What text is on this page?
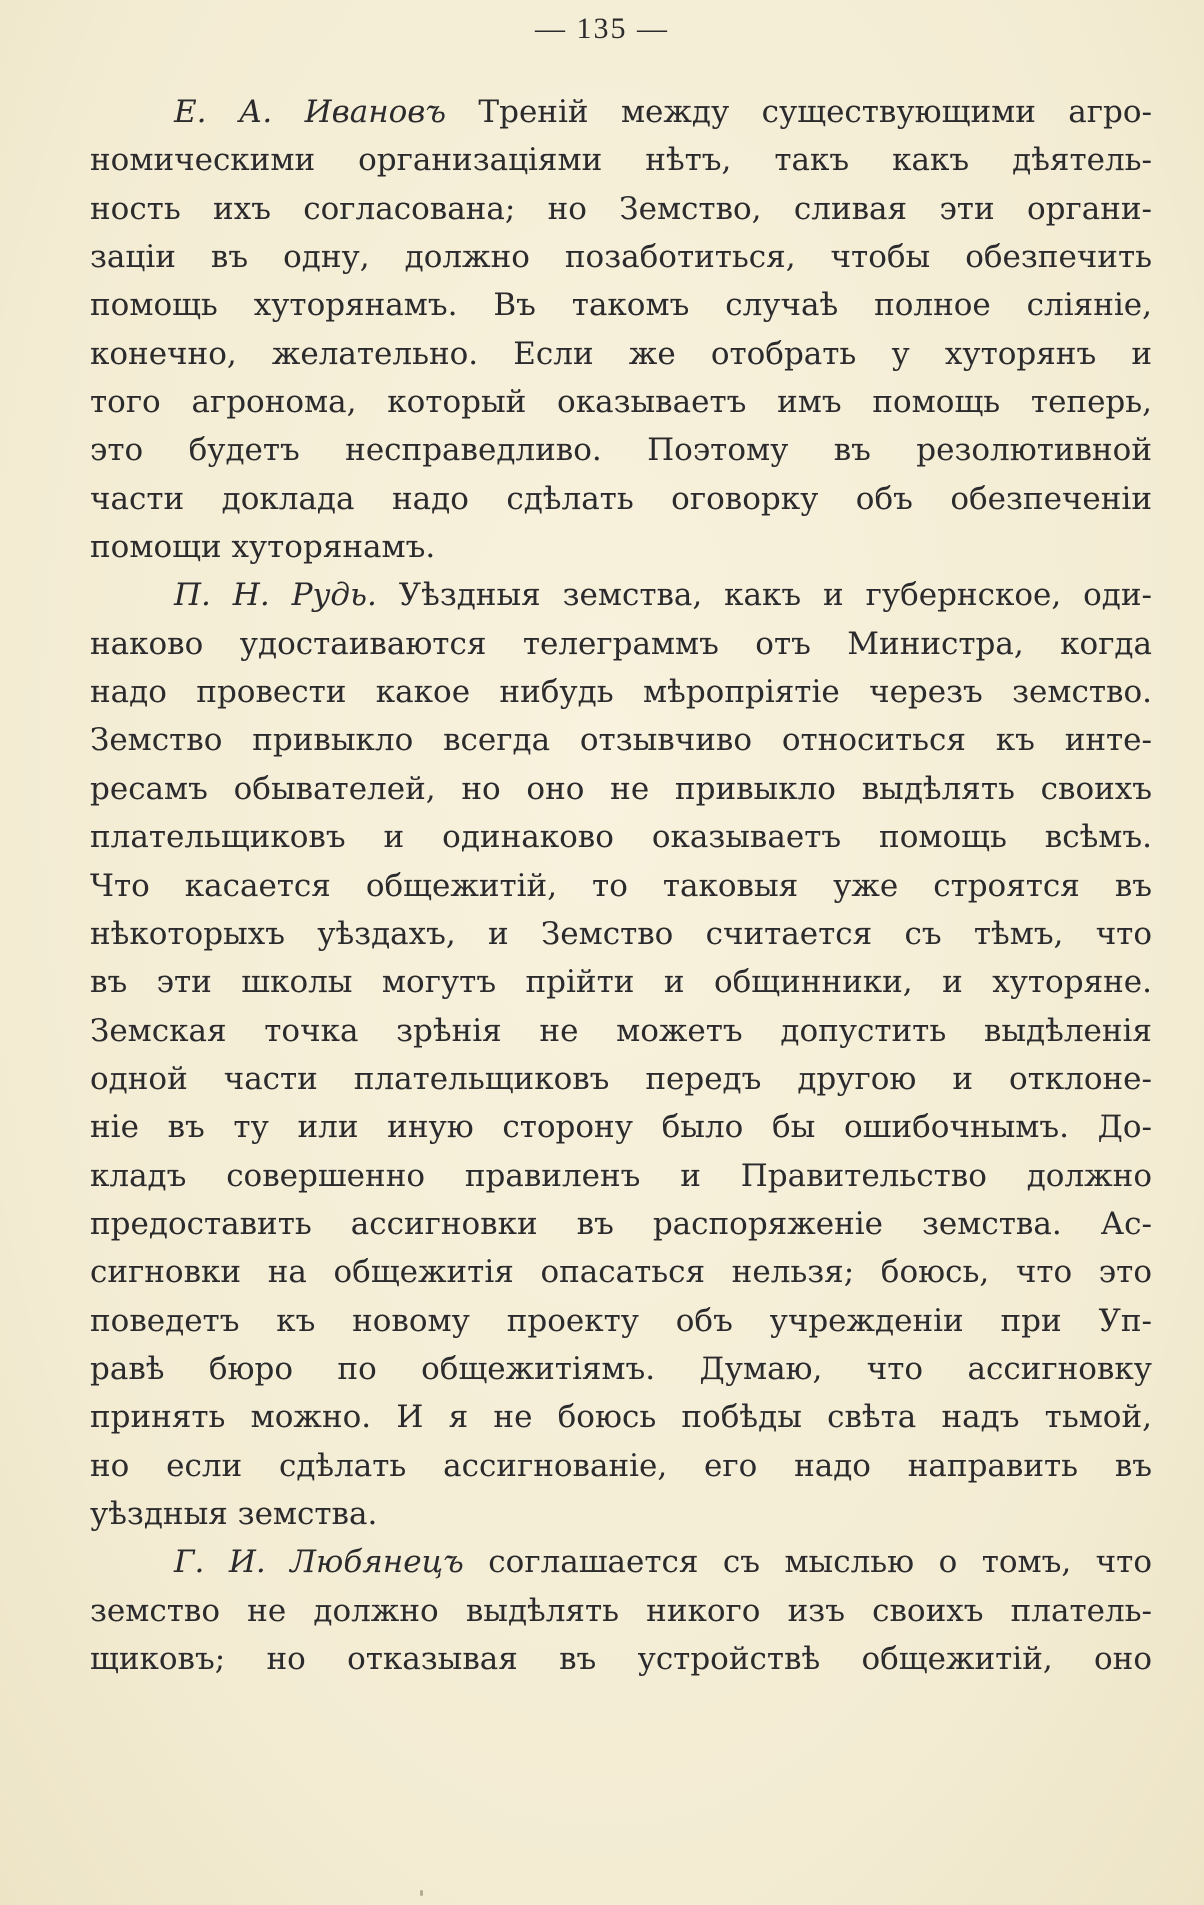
— 135 —
Е. А. Ивановъ Треній между существующими агро-
номическими организаціями нѣтъ, такъ какъ дѣятель-
ность ихъ согласована; но Земство, сливая эти органи-
заціи въ одну, должно позаботиться, чтобы обезпечить
помощь хуторянамъ. Въ такомъ случаѣ полное сліяніе,
конечно, желательно. Если же отобрать у хуторянъ и
того агронома, который оказываетъ имъ помощь теперь,
это будетъ несправедливо. Поэтому въ резолютивной
части доклада надо сдѣлать оговорку объ обезпеченіи
помощи хуторянамъ.
П. Н. Рудь. Уѣздныя земства, какъ и губернское, оди-
наково удостаиваются телеграммъ отъ Министра, когда
надо провести какое нибудь мѣропріятіе черезъ земство.
Земство привыкло всегда отзывчиво относиться къ инте-
ресамъ обывателей, но оно не привыкло выдѣлять своихъ
плательщиковъ и одинаково оказываетъ помощь всѣмъ.
Что касается общежитій, то таковыя уже строятся въ
нѣкоторыхъ уѣздахъ, и Земство считается съ тѣмъ, что
въ эти школы могутъ прійти и общинники, и хуторяне.
Земская точка зрѣнія не можетъ допустить выдѣленія
одной части плательщиковъ передъ другою и отклоне-
ніе въ ту или иную сторону было бы ошибочнымъ. До-
кладъ совершенно правиленъ и Правительство должно
предоставить ассигновки въ распоряженіе земства. Ас-
сигновки на общежитія опасаться нельзя; боюсь, что это
поведетъ къ новому проекту объ учрежденіи при Уп-
равѣ бюро по общежитіямъ. Думаю, что ассигновку
принять можно. И я не боюсь побѣды свѣта надъ тьмой,
но если сдѣлать ассигнованіе, его надо направить въ
уѣздныя земства.
Г. И. Любянецъ соглашается съ мыслью о томъ, что
земство не должно выдѣлять никого изъ своихъ платель-
щиковъ; но отказывая въ устройствѣ общежитій, оно
